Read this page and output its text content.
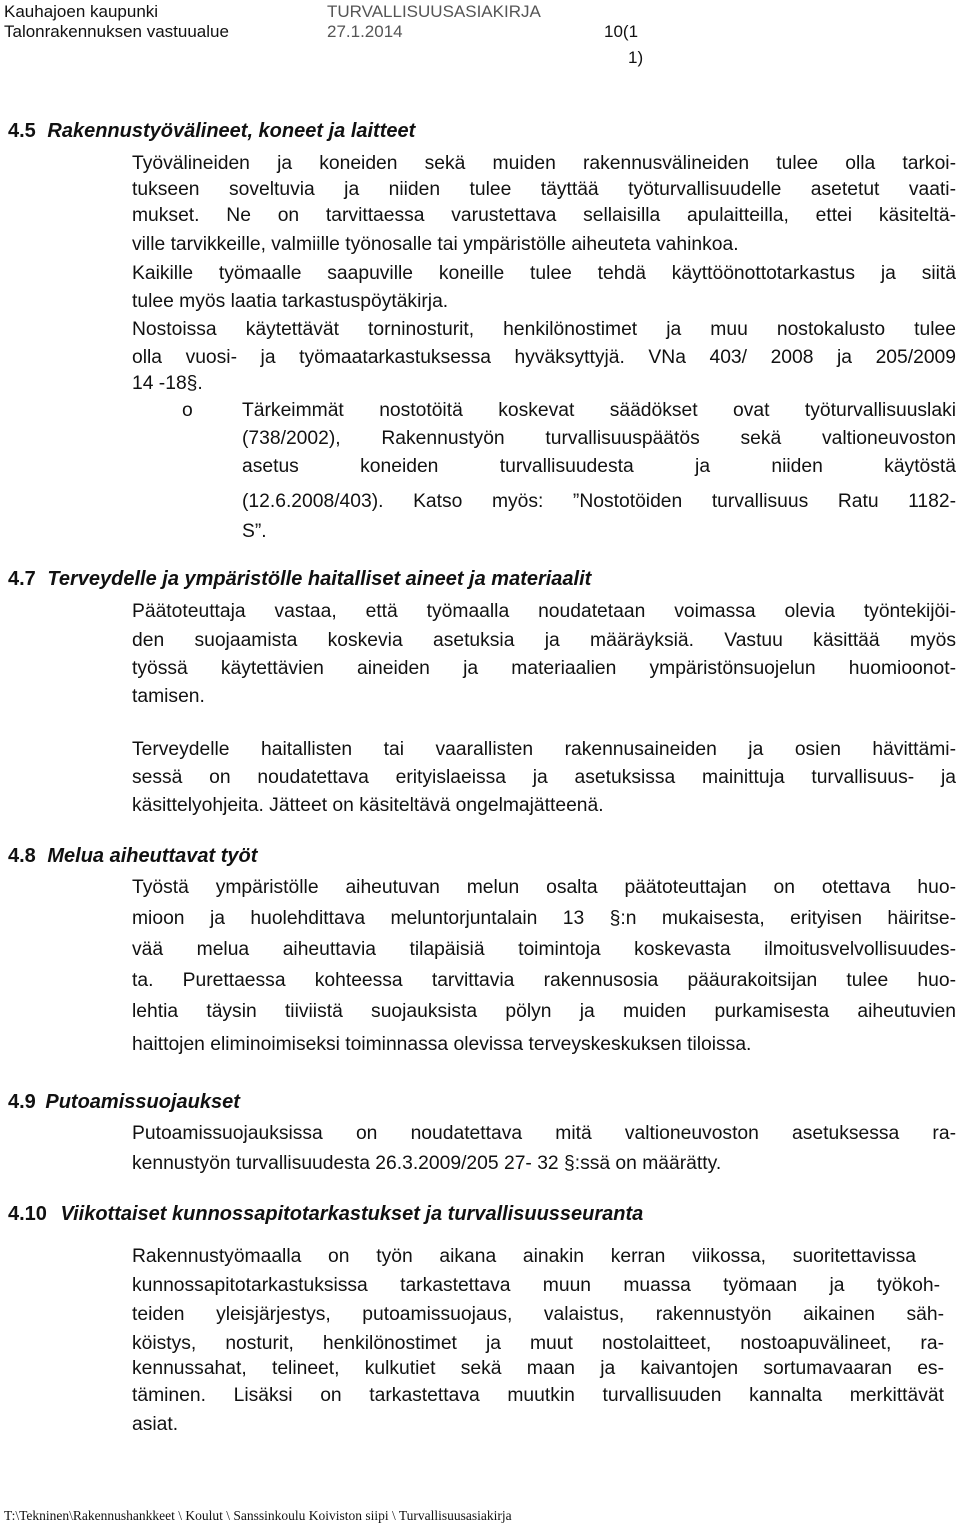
Kauhajoen kaupunki
Talonrakennuksen vastuualue
TURVALLISUUSASIAKIRJA
27.1.2014	10(1
1)
4.5 Rakennustyövälineet, koneet ja laitteet
Työvälineiden ja koneiden sekä muiden rakennusvälineiden tulee olla tarkoi-
tukseen soveltuvia ja niiden tulee täyttää työturvallisuudelle asetetut vaati-
mukset. Ne on tarvittaessa varustettava sellaisilla apulaitteilla, ettei käsiteltä-
ville tarvikkeille, valmiille työnosalle tai ympäristölle aiheuteta vahinkoa.
Kaikille työmaalle saapuville koneille tulee tehdä käyttöönottotarkastus ja siitä
tulee myös laatia tarkastuspöytäkirja.
Nostoissa käytettävät torninosturit, henkilönostimet ja muu nostokalusto tulee
olla vuosi- ja työmaatarkastuksessa hyväksyttyjä. VNa 403/ 2008 ja 205/2009
14 -18§.
o	Tärkeimmät nostotöitä koskevat säädökset ovat työturvallisuuslaki
(738/2002), Rakennustyön turvallisuuspäätös sekä valtioneuvoston
asetus koneiden turvallisuudesta ja niiden käytöstä
(12.6.2008/403). Katso myös: ”Nostotöiden turvallisuus Ratu 1182-
S”.
4.7 Terveydelle ja ympäristölle haitalliset aineet ja materiaalit
Päätoteuttaja vastaa, että työmaalla noudatetaan voimassa olevia työntekijöi-
den suojaamista koskevia asetuksia ja määräyksiä. Vastuu käsittää myös
työssä käytettävien aineiden ja materiaalien ympäristönsuojelun huomioonot-
tamisen.
Terveydelle haitallisten tai vaarallisten rakennusaineiden ja osien hävittämi-
sessä on noudatettava erityislaeissa ja asetuksissa mainittuja turvallisuus- ja
käsittelyohjeita. Jätteet on käsiteltävä ongelmajätteenä.
4.8 Melua aiheuttavat työt
Työstä ympäristölle aiheutuvan melun osalta päätoteuttajan on otettava huo-
mioon ja huolehdittava meluntorjuntalain 13 §:n mukaisesta, erityisen häiritse-
vää melua aiheuttavia tilapäisiä toimintoja koskevasta ilmoitusvelvollisuudes-
ta. Purettaessa kohteessa tarvittavia rakennusosia pääurakoitsijan tulee huo-
lehtia täysin tiiviistä suojauksista pölyn ja muiden purkamisesta aiheutuvien
haittojen eliminoimiseksi toiminnassa olevissa terveyskeskuksen tiloissa.
4.9 Putoamissuojaukset
Putoamissuojauksissa on noudatettava mitä valtioneuvoston asetuksessa ra-
kennustyön turvallisuudesta 26.3.2009/205 27- 32 §:ssä on määrätty.
4.10 Viikottaiset kunnossapitotarkastukset ja turvallisuusseuranta
Rakennustyömaalla on työn aikana ainakin kerran viikossa, suoritettavissa
kunnossapitotarkastuksissa tarkastettava muun muassa työmaan ja työkoh-
teiden yleisjärjestys, putoamissuojaus, valaistus, rakennustyön aikainen säh-
köistys, nosturit, henkilönostimet ja muut nostolaitteet, nostoapuvälineet, ra-
kennussahat, telineet, kulkutiet sekä maan ja kaivantojen sortumavaaran es-
täminen. Lisäksi on tarkastettava muutkin turvallisuuden kannalta merkittävät
asiat.
T:\Tekninen\Rakennushankkeet \ Koulut \ Sanssinkoulu Koiviston siipi \ Turvallisuusasiakirja
